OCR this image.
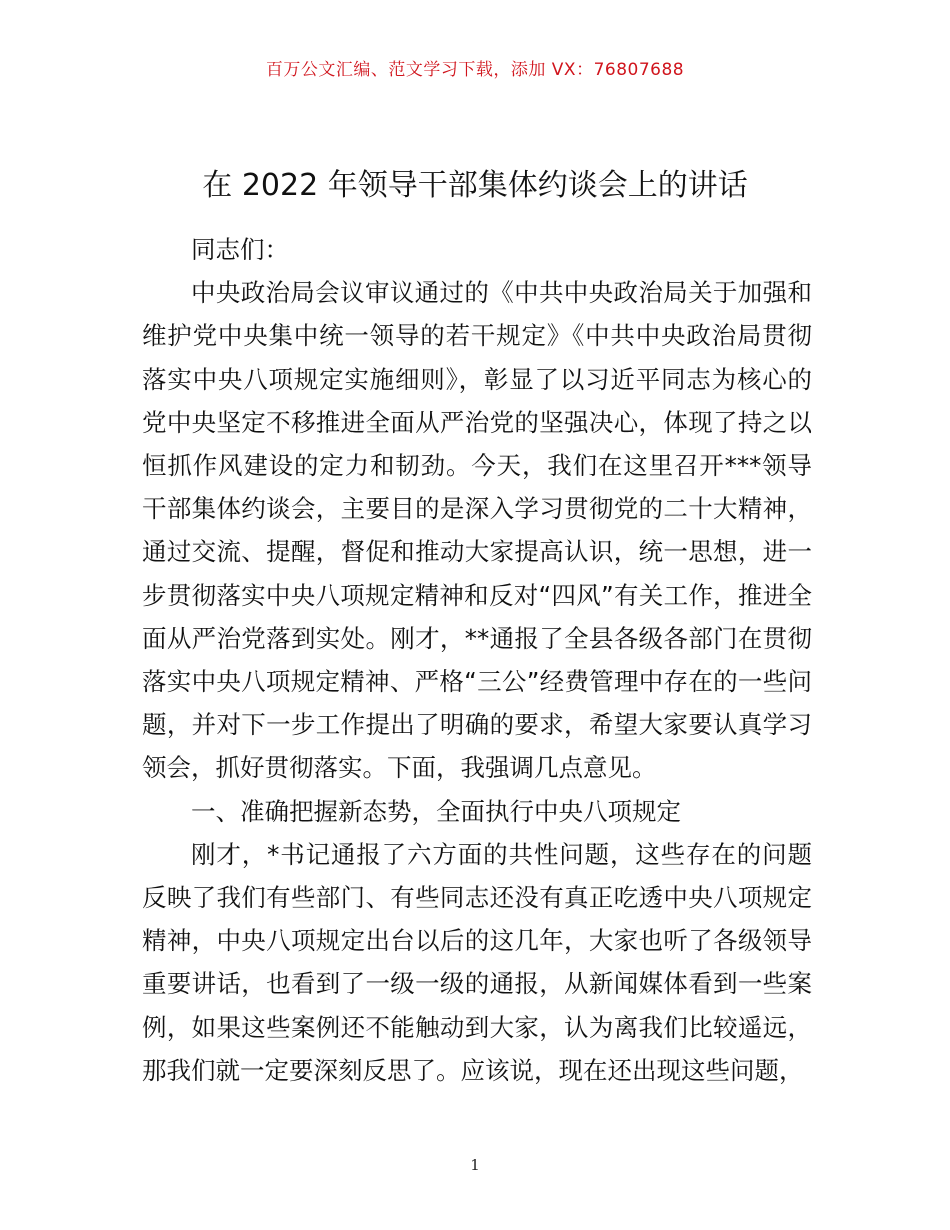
百万公文汇编、范文学习下载，添加 VX：76807688
在 2022 年领导干部集体约谈会上的讲话

同志们：

中央政治局会议审议通过的《中共中央政治局关于加强和维护党中央集中统一领导的若干规定》《中共中央政治局贯彻落实中央八项规定实施细则》，彰显了以习近平同志为核心的党中央坚定不移推进全面从严治党的坚强决心，体现了持之以恒抓作风建设的定力和韧劲。今天，我们在这里召开***领导干部集体约谈会，主要目的是深入学习贯彻党的二十大精神，通过交流、提醒，督促和推动大家提高认识，统一思想，进一步贯彻落实中央八项规定精神和反对“四风”有关工作，推进全面从严治党落到实处。刚才，**通报了全县各级各部门在贯彻落实中央八项规定精神、严格“三公”经费管理中存在的一些问题，并对下一步工作提出了明确的要求，希望大家要认真学习领会，抓好贯彻落实。下面，我强调几点意见。

一、准确把握新态势，全面执行中央八项规定

刚才，*书记通报了六方面的共性问题，这些存在的问题反映了我们有些部门、有些同志还没有真正吃透中央八项规定精神，中央八项规定出台以后的这几年，大家也听了各级领导重要讲话，也看到了一级一级的通报，从新闻媒体看到一些案例，如果这些案例还不能触动到大家，认为离我们比较遥远，那我们就一定要深刻反思了。应该说，现在还出现这些问题，

1
